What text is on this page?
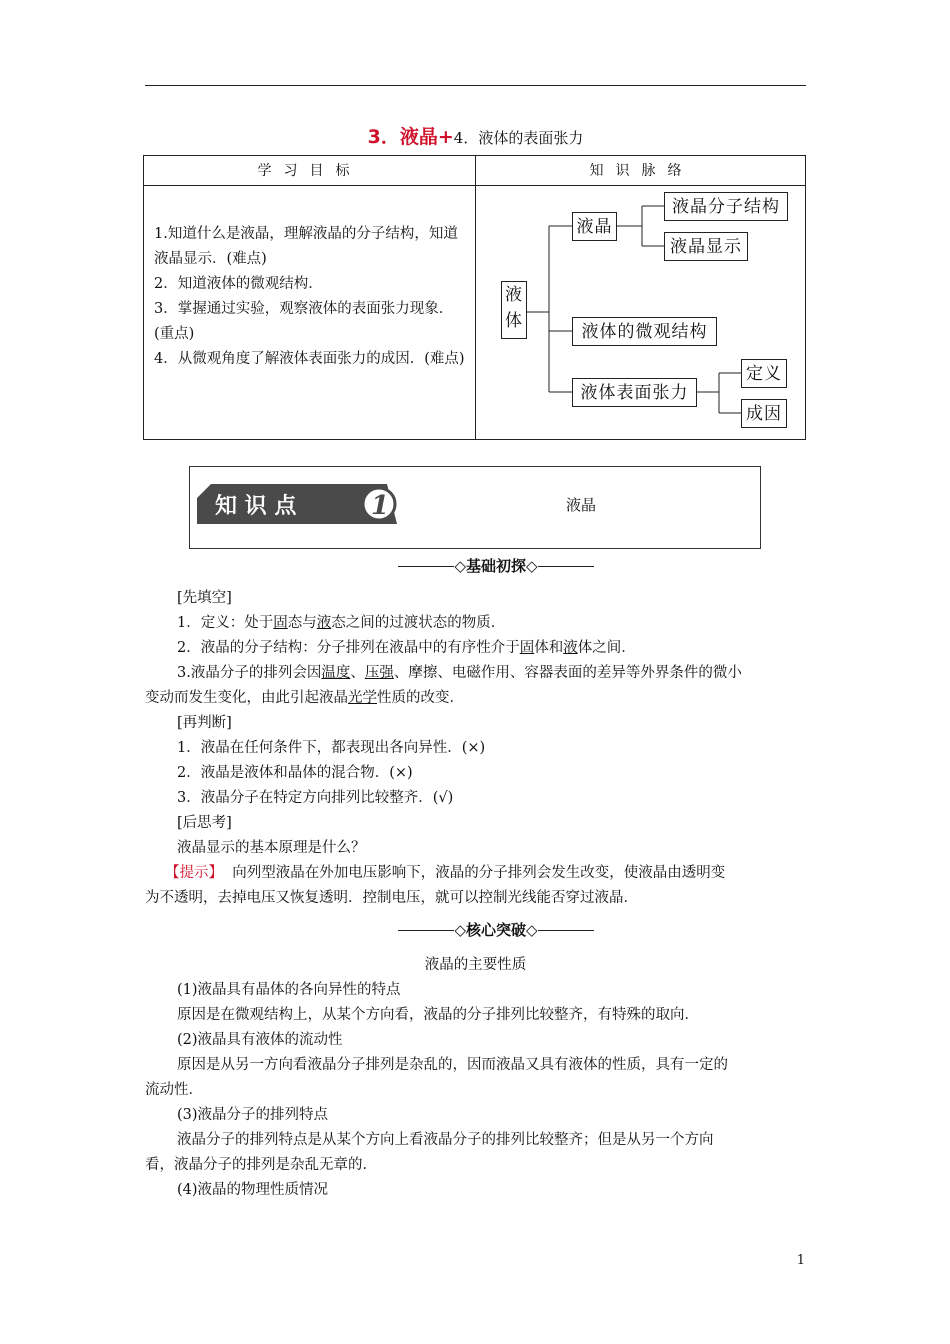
3．液晶+4．液体的表面张力
学习目标	知识脉络
1.知道什么是液晶，理解液晶的分子结构，知道液晶显示．(难点)
2．知道液体的微观结构．
3．掌握通过实验，观察液体的表面张力现象．(重点)
4．从微观角度了解液体表面张力的成因．(难点)
液体
液晶
液晶分子结构
液晶显示
液体的微观结构
液体表面张力
定义
成因
知 识 点	1	液晶
◇基础初探◇
[先填空]
1．定义：处于固态与液态之间的过渡状态的物质．
2．液晶的分子结构：分子排列在液晶中的有序性介于固体和液体之间．
3.液晶分子的排列会因温度、压强、摩擦、电磁作用、容器表面的差异等外界条件的微小
变动而发生变化，由此引起液晶光学性质的改变．
[再判断]
1．液晶在任何条件下，都表现出各向异性．(×)
2．液晶是液体和晶体的混合物．(×)
3．液晶分子在特定方向排列比较整齐．(√)
[后思考]
液晶显示的基本原理是什么？
【提示】 向列型液晶在外加电压影响下，液晶的分子排列会发生改变，使液晶由透明变
为不透明，去掉电压又恢复透明．控制电压，就可以控制光线能否穿过液晶．
◇核心突破◇
液晶的主要性质
(1)液晶具有晶体的各向异性的特点
原因是在微观结构上，从某个方向看，液晶的分子排列比较整齐，有特殊的取向．
(2)液晶具有液体的流动性
原因是从另一方向看液晶分子排列是杂乱的，因而液晶又具有液体的性质，具有一定的
流动性．
(3)液晶分子的排列特点
液晶分子的排列特点是从某个方向上看液晶分子的排列比较整齐；但是从另一个方向
看，液晶分子的排列是杂乱无章的．
(4)液晶的物理性质情况
1
